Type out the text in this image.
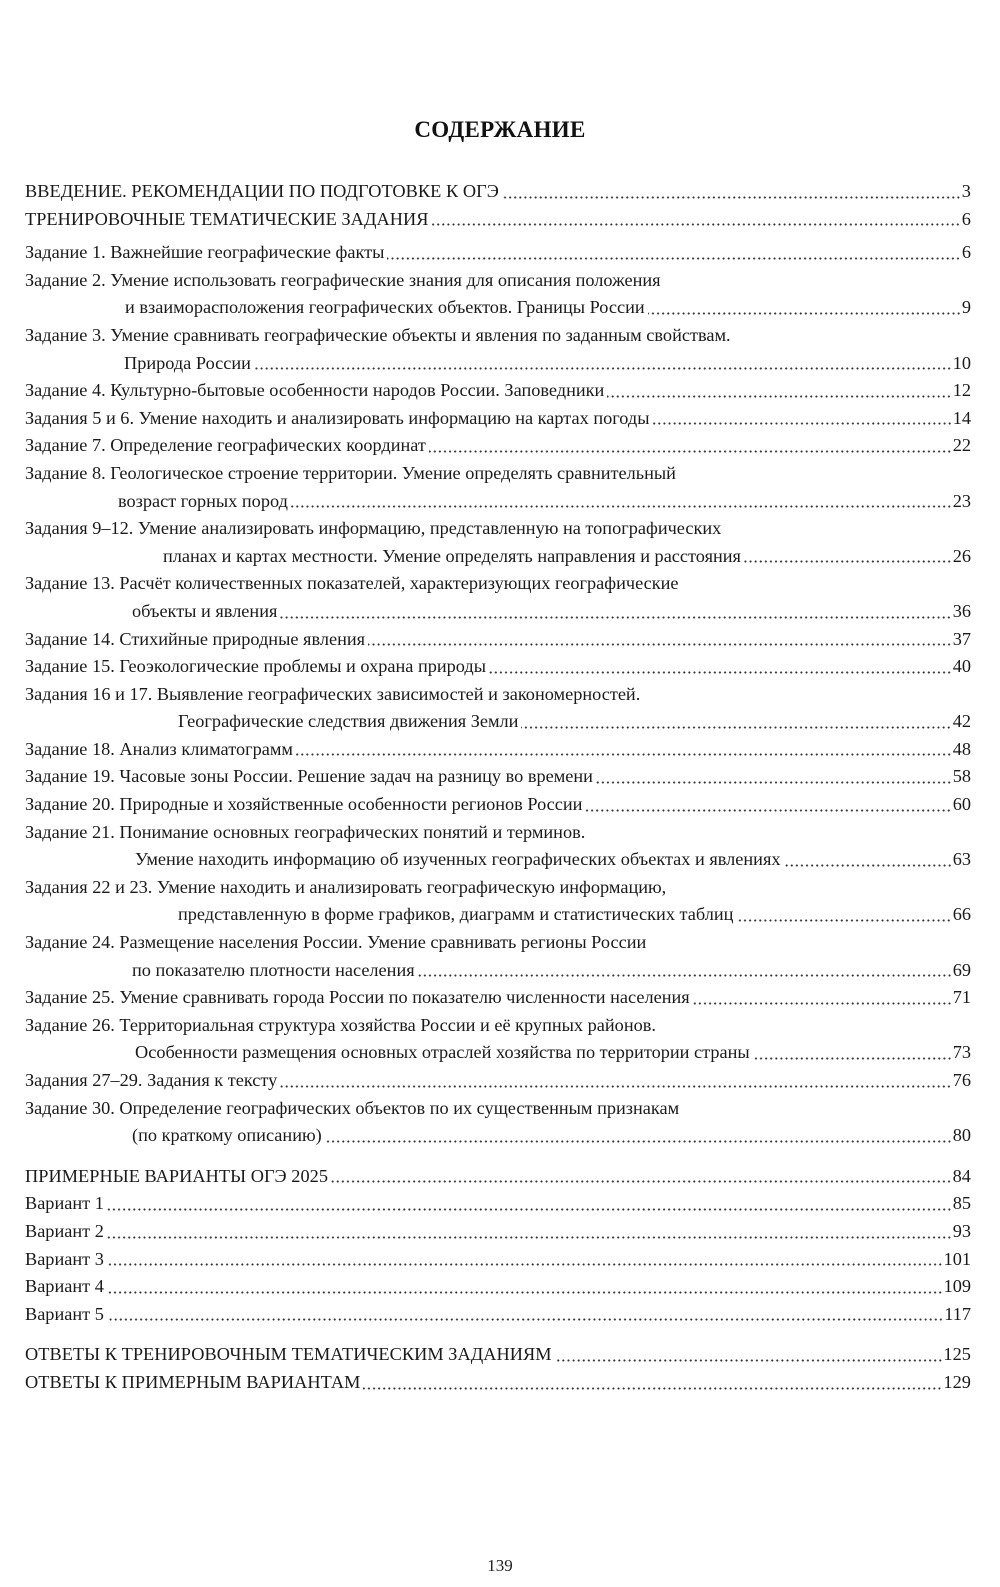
СОДЕРЖАНИЕ
ВВЕДЕНИЕ. РЕКОМЕНДАЦИИ ПО ПОДГОТОВКЕ К ОГЭ	3
ТРЕНИРОВОЧНЫЕ ТЕМАТИЧЕСКИЕ ЗАДАНИЯ	6
Задание 1. Важнейшие географические факты	6
Задание 2. Умение использовать географические знания для описания положения
и взаиморасположения географических объектов. Границы России	9
Задание 3. Умение сравнивать географические объекты и явления по заданным свойствам.
Природа России	10
Задание 4. Культурно-бытовые особенности народов России. Заповедники	12
Задания 5 и 6. Умение находить и анализировать информацию на картах погоды	14
Задание 7. Определение географических координат	22
Задание 8. Геологическое строение территории. Умение определять сравнительный
возраст горных пород	23
Задания 9–12. Умение анализировать информацию, представленную на топографических
планах и картах местности. Умение определять направления и расстояния	26
Задание 13. Расчёт количественных показателей, характеризующих географические
объекты и явления	36
Задание 14. Стихийные природные явления	37
Задание 15. Геоэкологические проблемы и охрана природы	40
Задания 16 и 17. Выявление географических зависимостей и закономерностей.
Географические следствия движения Земли	42
Задание 18. Анализ климатограмм	48
Задание 19. Часовые зоны России. Решение задач на разницу во времени	58
Задание 20. Природные и хозяйственные особенности регионов России	60
Задание 21. Понимание основных географических понятий и терминов.
Умение находить информацию об изученных географических объектах и явлениях	63
Задания 22 и 23. Умение находить и анализировать географическую информацию,
представленную в форме графиков, диаграмм и статистических таблиц	66
Задание 24. Размещение населения России. Умение сравнивать регионы России
по показателю плотности населения	69
Задание 25. Умение сравнивать города России по показателю численности населения	71
Задание 26. Территориальная структура хозяйства России и её крупных районов.
Особенности размещения основных отраслей хозяйства по территории страны	73
Задания 27–29. Задания к тексту	76
Задание 30. Определение географических объектов по их существенным признакам
(по краткому описанию)	80
ПРИМЕРНЫЕ ВАРИАНТЫ ОГЭ 2025	84
Вариант 1	85
Вариант 2	93
Вариант 3	101
Вариант 4	109
Вариант 5	117
ОТВЕТЫ К ТРЕНИРОВОЧНЫМ ТЕМАТИЧЕСКИМ ЗАДАНИЯМ	125
ОТВЕТЫ К ПРИМЕРНЫМ ВАРИАНТАМ	129
139
